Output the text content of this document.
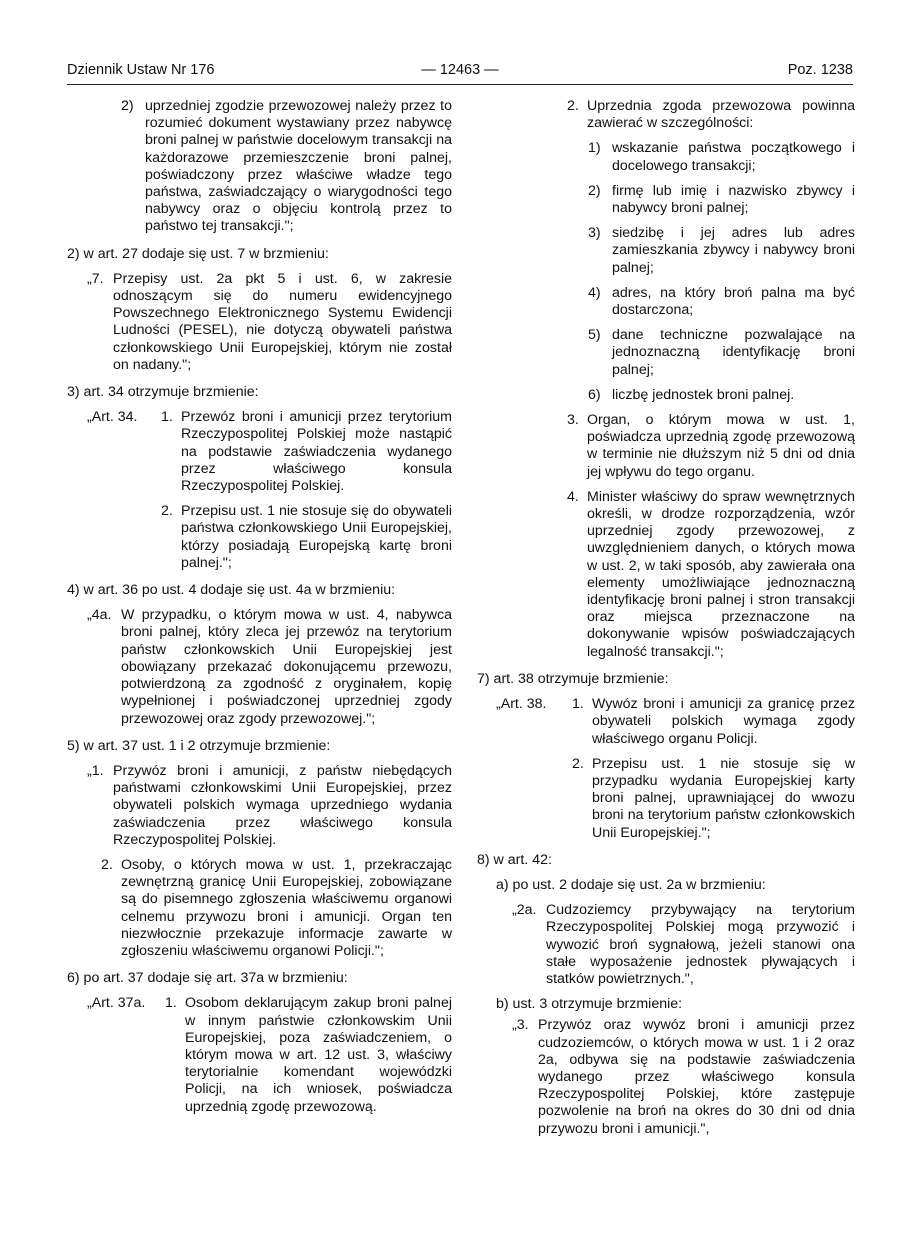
Dziennik Ustaw Nr 176	— 12463 —	Poz. 1238
2) uprzedniej zgodzie przewozowej należy przez to rozumieć dokument wystawiany przez nabywcę broni palnej w państwie docelowym transakcji na każdorazowe przemieszczenie broni palnej, poświadczony przez właściwe władze tego państwa, zaświadczający o wiarygodności tego nabywcy oraz o objęciu kontrolą przez to państwo tej transakcji.";

2) w art. 27 dodaje się ust. 7 w brzmieniu:

„7. Przepisy ust. 2a pkt 5 i ust. 6, w zakresie odnoszącym się do numeru ewidencyjnego Powszechnego Elektronicznego Systemu Ewidencji Ludności (PESEL), nie dotyczą obywateli państwa członkowskiego Unii Europejskiej, którym nie został on nadany.";

3) art. 34 otrzymuje brzmienie:

„Art. 34.	1. Przewóz broni i amunicji przez terytorium Rzeczypospolitej Polskiej może nastąpić na podstawie zaświadczenia wydanego przez właściwego konsula Rzeczypospolitej Polskiej.
2. Przepisu ust. 1 nie stosuje się do obywateli państwa członkowskiego Unii Europejskiej, którzy posiadają Europejską kartę broni palnej.";

4) w art. 36 po ust. 4 dodaje się ust. 4a w brzmieniu:

„4a. W przypadku, o którym mowa w ust. 4, nabywca broni palnej, który zleca jej przewóz na terytorium państw członkowskich Unii Europejskiej jest obowiązany przekazać dokonującemu przewozu, potwierdzoną za zgodność z oryginałem, kopię wypełnionej i poświadczonej uprzedniej zgody przewozowej oraz zgody przewozowej.";

5) w art. 37 ust. 1 i 2 otrzymuje brzmienie:

„1. Przywóz broni i amunicji, z państw niebędących państwami członkowskimi Unii Europejskiej, przez obywateli polskich wymaga uprzedniego wydania zaświadczenia przez właściwego konsula Rzeczypospolitej Polskiej.
2. Osoby, o których mowa w ust. 1, przekraczając zewnętrzną granicę Unii Europejskiej, zobowiązane są do pisemnego zgłoszenia właściwemu organowi celnemu przywozu broni i amunicji. Organ ten niezwłocznie przekazuje informacje zawarte w zgłoszeniu właściwemu organowi Policji.";

6) po art. 37 dodaje się art. 37a w brzmieniu:

„Art. 37a.	1. Osobom deklarującym zakup broni palnej w innym państwie członkowskim Unii Europejskiej, poza zaświadczeniem, o którym mowa w art. 12 ust. 3, właściwy terytorialnie komendant wojewódzki Policji, na ich wniosek, poświadcza uprzednią zgodę przewozową.
2. Uprzednia zgoda przewozowa powinna zawierać w szczególności:
1) wskazanie państwa początkowego i docelowego transakcji;
2) firmę lub imię i nazwisko zbywcy i nabywcy broni palnej;
3) siedzibę i jej adres lub adres zamieszkania zbywcy i nabywcy broni palnej;
4) adres, na który broń palna ma być dostarczona;
5) dane techniczne pozwalające na jednoznaczną identyfikację broni palnej;
6) liczbę jednostek broni palnej.
3. Organ, o którym mowa w ust. 1, poświadcza uprzednią zgodę przewozową w terminie nie dłuższym niż 5 dni od dnia jej wpływu do tego organu.
4. Minister właściwy do spraw wewnętrznych określi, w drodze rozporządzenia, wzór uprzedniej zgody przewozowej, z uwzględnieniem danych, o których mowa w ust. 2, w taki sposób, aby zawierała ona elementy umożliwiające jednoznaczną identyfikację broni palnej i stron transakcji oraz miejsca przeznaczone na dokonywanie wpisów poświadczających legalność transakcji.";

7) art. 38 otrzymuje brzmienie:

„Art. 38.	1. Wywóz broni i amunicji za granicę przez obywateli polskich wymaga zgody właściwego organu Policji.
2. Przepisu ust. 1 nie stosuje się w przypadku wydania Europejskiej karty broni palnej, uprawniającej do wwozu broni na terytorium państw członkowskich Unii Europejskiej.";

8) w art. 42:

a) po ust. 2 dodaje się ust. 2a w brzmieniu:

„2a. Cudzoziemcy przybywający na terytorium Rzeczypospolitej Polskiej mogą przywozić i wywozić broń sygnałową, jeżeli stanowi ona stałe wyposażenie jednostek pływających i statków powietrznych.",

b) ust. 3 otrzymuje brzmienie:

„3. Przywóz oraz wywóz broni i amunicji przez cudzoziemców, o których mowa w ust. 1 i 2 oraz 2a, odbywa się na podstawie zaświadczenia wydanego przez właściwego konsula Rzeczypospolitej Polskiej, które zastępuje pozwolenie na broń na okres do 30 dni od dnia przywozu broni i amunicji.",
